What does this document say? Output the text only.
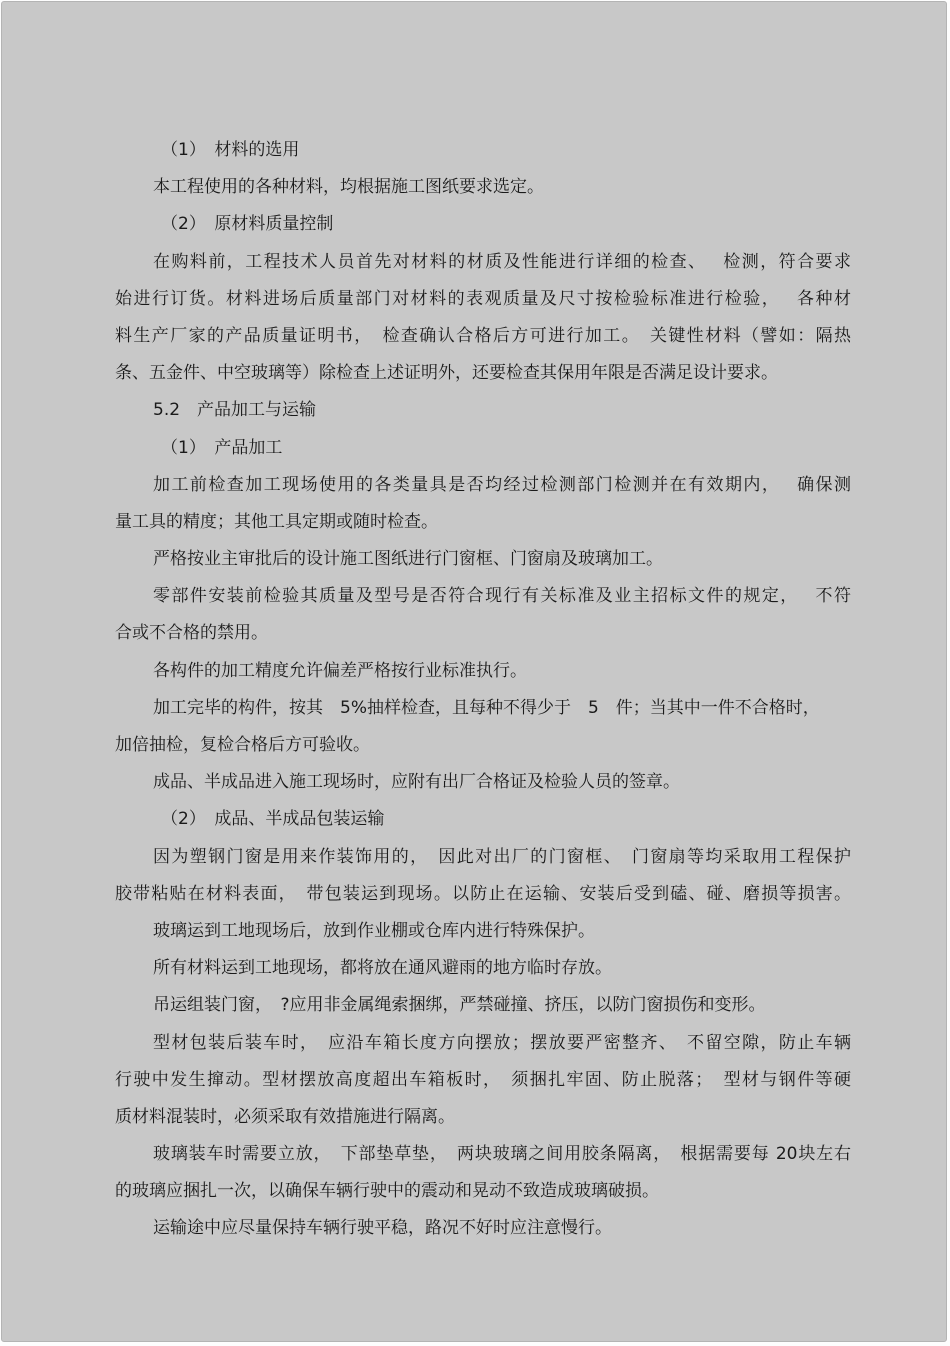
（1）　材料的选用
本工程使用的各种材料，均根据施工图纸要求选定。
（2）　原材料质量控制
在购料前，工程技术人员首先对材料的材质及性能进行详细的检查、　 检测，符合要求
始进行订货。材料进场后质量部门对材料的表观质量及尺寸按检验标准进行检验，　 各种材
料生产厂家的产品质量证明书，　检查确认合格后方可进行加工。　关键性材料（譬如：隔热
条、五金件、中空玻璃等）除检查上述证明外，还要检查其保用年限是否满足设计要求。
5.2　产品加工与运输
（1）　产品加工
加工前检查加工现场使用的各类量具是否均经过检测部门检测并在有效期内，　 确保测
量工具的精度；其他工具定期或随时检查。
严格按业主审批后的设计施工图纸进行门窗框、门窗扇及玻璃加工。
零部件安装前检验其质量及型号是否符合现行有关标准及业主招标文件的规定，　 不符
合或不合格的禁用。
各构件的加工精度允许偏差严格按行业标准执行。
加工完毕的构件，按其　5%抽样检查，且每种不得少于　5　件；当其中一件不合格时，
加倍抽检，复检合格后方可验收。
成品、半成品进入施工现场时，应附有出厂合格证及检验人员的签章。
（2）　成品、半成品包装运输
因为塑钢门窗是用来作装饰用的，　因此对出厂的门窗框、　门窗扇等均采取用工程保护
胶带粘贴在材料表面，　带包装运到现场。以防止在运输、安装后受到磕、碰、磨损等损害。
玻璃运到工地现场后，放到作业棚或仓库内进行特殊保护。
所有材料运到工地现场，都将放在通风避雨的地方临时存放。
吊运组装门窗，　?应用非金属绳索捆绑，严禁碰撞、挤压，以防门窗损伤和变形。
型材包装后装车时，　应沿车箱长度方向摆放；摆放要严密整齐、　不留空隙，防止车辆
行驶中发生撺动。型材摆放高度超出车箱板时，　须捆扎牢固、防止脱落；　型材与钢件等硬
质材料混装时，必须采取有效措施进行隔离。
玻璃装车时需要立放，　下部垫草垫，　两块玻璃之间用胶条隔离，　根据需要每 20块左右
的玻璃应捆扎一次，以确保车辆行驶中的震动和晃动不致造成玻璃破损。
运输途中应尽量保持车辆行驶平稳，路况不好时应注意慢行。
